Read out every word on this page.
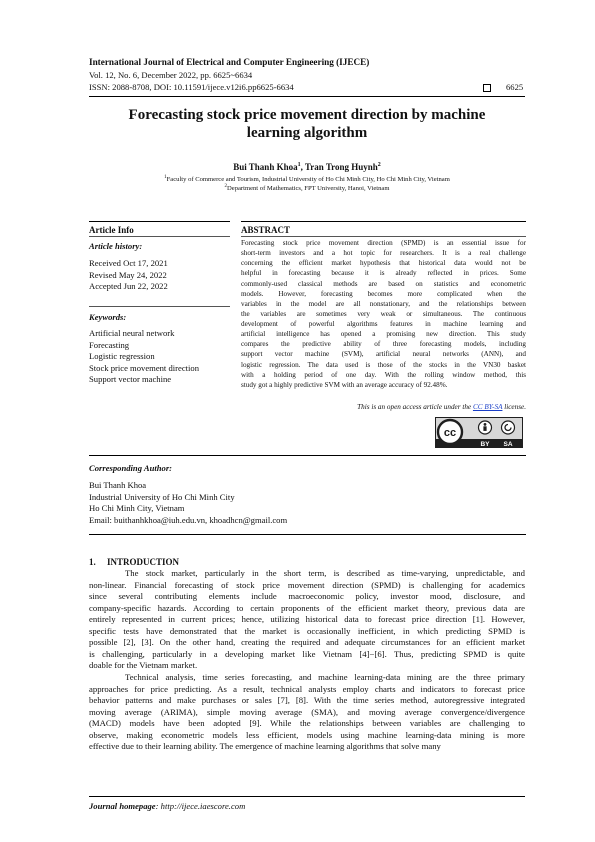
International Journal of Electrical and Computer Engineering (IJECE)
Vol. 12, No. 6, December 2022, pp. 6625~6634
ISSN: 2088-8708, DOI: 10.11591/ijece.v12i6.pp6625-6634	6625
Forecasting stock price movement direction by machine
learning algorithm
Bui Thanh Khoa$^1$, Tran Trong Huynh$^2$
$^1$Faculty of Commerce and Tourism, Industrial University of Ho Chi Minh City, Ho Chi Minh City, Vietnam
$^2$Department of Mathematics, FPT University, Hanoi, Vietnam
Article Info	ABSTRACT
Article history:
Received Oct 17, 2021
Revised May 24, 2022
Accepted Jun 22, 2022
Keywords:
Artificial neural network
Forecasting
Logistic regression
Stock price movement direction
Support vector machine
Forecasting stock price movement direction (SPMD) is an essential issue for
short-term investors and a hot topic for researchers. It is a real challenge
concerning the efficient market hypothesis that historical data would not be
helpful in forecasting because it is already reflected in prices. Some
commonly-used classical methods are based on statistics and econometric
models. However, forecasting becomes more complicated when the
variables in the model are all nonstationary, and the relationships between
the variables are sometimes very weak or simultaneous. The continuous
development of powerful algorithms features in machine learning and
artificial intelligence has opened a promising new direction. This study
compares the predictive ability of three forecasting models, including
support vector machine (SVM), artificial neural networks (ANN), and
logistic regression. The data used is those of the stocks in the VN30 basket
with a holding period of one day. With the rolling window method, this
study got a highly predictive SVM with an average accuracy of 92.48%.
This is an open access article under the CC BY-SA license.
cc
BY SA
Corresponding Author:
Bui Thanh Khoa
Industrial University of Ho Chi Minh City
Ho Chi Minh City, Vietnam
Email: buithanhkhoa@iuh.edu.vn, khoadhcn@gmail.com
1. INTRODUCTION
The stock market, particularly in the short term, is described as time-varying, unpredictable, and
non-linear. Financial forecasting of stock price movement direction (SPMD) is challenging for academics
since several contributing elements include macroeconomic policy, investor mood, disclosure, and
company-specific hazards. According to certain proponents of the efficient market theory, previous data are
entirely represented in current prices; hence, utilizing historical data to forecast price direction [1]. However,
specific tests have demonstrated that the market is occasionally inefficient, in which predicting SPMD is
possible [2], [3]. On the other hand, creating the required and adequate circumstances for an efficient market
is challenging, particularly in a developing market like Vietnam [4]−[6]. Thus, predicting SPMD is quite
doable for the Vietnam market.
Technical analysis, time series forecasting, and machine learning-data mining are the three primary
approaches for price predicting. As a result, technical analysts employ charts and indicators to forecast price
behavior patterns and make purchases or sales [7], [8]. With the time series method, autoregressive integrated
moving average (ARIMA), simple moving average (SMA), and moving average convergence/divergence
(MACD) models have been adopted [9]. While the relationships between variables are challenging to
observe, making econometric models less efficient, models using machine learning-data mining is more
effective due to their learning ability. The emergence of machine learning algorithms that solve many
Journal homepage: http://ijece.iaescore.com
